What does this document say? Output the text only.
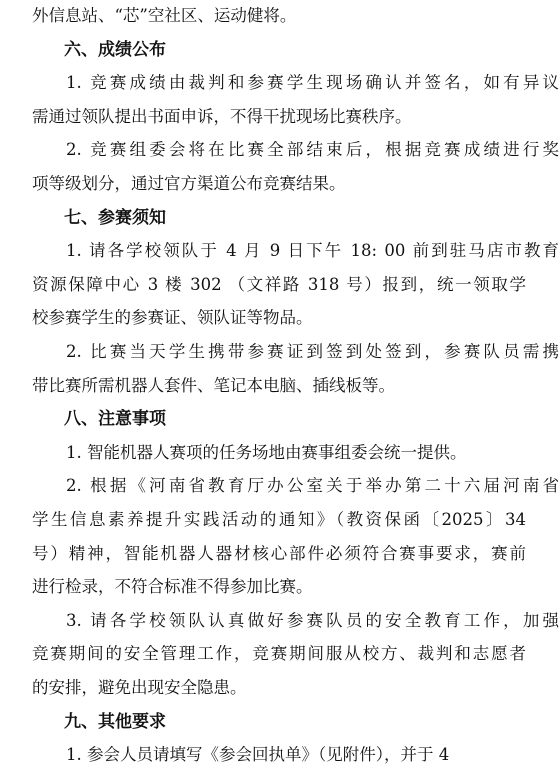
外信息站、“芯”空社区、运动健将。
六、成绩公布
1. 竞赛成绩由裁判和参赛学生现场确认并签名，如有异议
需通过领队提出书面申诉，不得干扰现场比赛秩序。
2. 竞赛组委会将在比赛全部结束后，根据竞赛成绩进行奖
项等级划分，通过官方渠道公布竞赛结果。
七、参赛须知
1. 请各学校领队于 4 月 9 日下午 18: 00 前到驻马店市教育
资源保障中心 3 楼 302 （文祥路 318 号）报到，统一领取学
校参赛学生的参赛证、领队证等物品。
2. 比赛当天学生携带参赛证到签到处签到，参赛队员需携
带比赛所需机器人套件、笔记本电脑、插线板等。
八、注意事项
1. 智能机器人赛项的任务场地由赛事组委会统一提供。
2. 根据《河南省教育厅办公室关于举办第二十六届河南省
学生信息素养提升实践活动的通知》（教资保函〔2025〕34
号）精神，智能机器人器材核心部件必须符合赛事要求，赛前
进行检录，不符合标准不得参加比赛。
3. 请各学校领队认真做好参赛队员的安全教育工作，加强
竞赛期间的安全管理工作，竞赛期间服从校方、裁判和志愿者
的安排，避免出现安全隐患。
九、其他要求
1. 参会人员请填写《参会回执单》（见附件），并于 4
